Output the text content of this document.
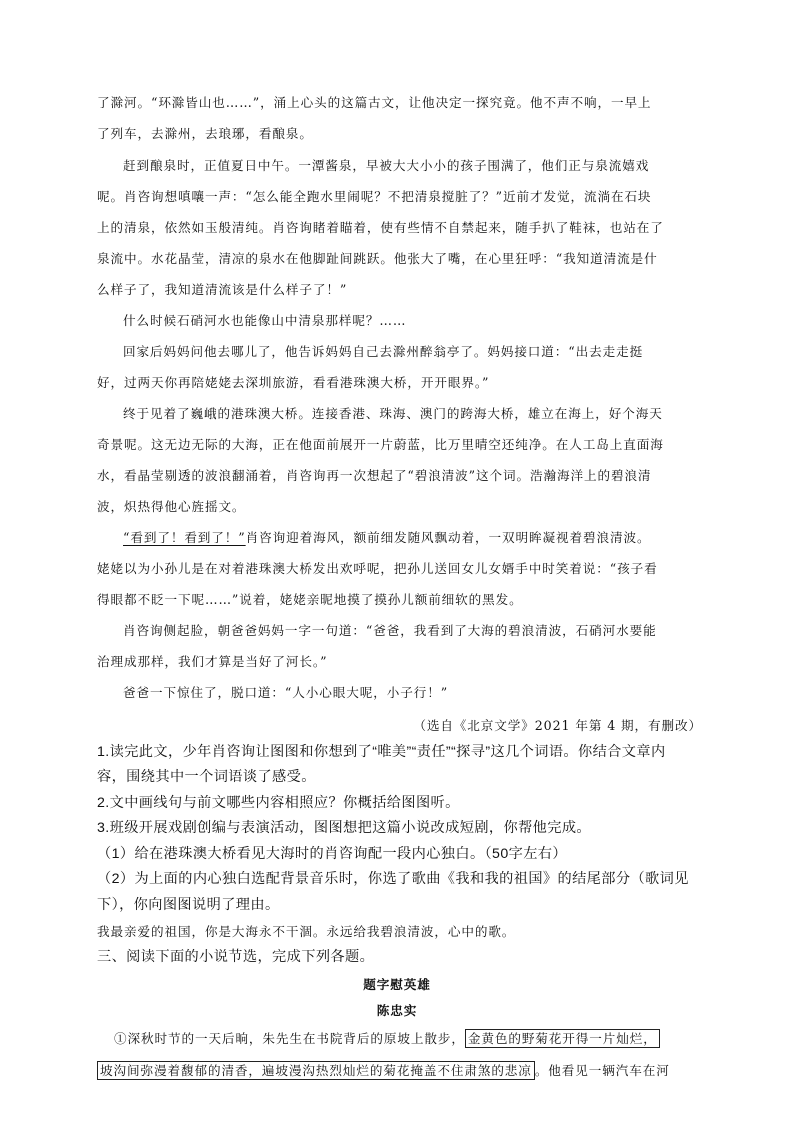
了滁河。“环滁皆山也……”，涌上心头的这篇古文，让他决定一探究竟。他不声不响，一早上
了列车，去滁州，去琅琊，看酿泉。
赶到酿泉时，正值夏日中午。一潭酱泉，早被大大小小的孩子围满了，他们正与泉流嬉戏
呢。肖咨询想嗔嚷一声：“怎么能全跑水里闹呢？不把清泉搅脏了？”近前才发觉，流淌在石块
上的清泉，依然如玉般清纯。肖咨询睹着瞄着，使有些情不自禁起来，随手扒了鞋袜，也站在了
泉流中。水花晶莹，清凉的泉水在他脚趾间跳跃。他张大了嘴，在心里狂呼：“我知道清流是什
么样子了，我知道清流该是什么样子了！”
什么时候石硝河水也能像山中清泉那样呢？……
回家后妈妈问他去哪儿了，他告诉妈妈自己去滁州醉翁亭了。妈妈接口道：“出去走走挺
好，过两天你再陪姥姥去深圳旅游，看看港珠澳大桥，开开眼界。”
终于见着了巍峨的港珠澳大桥。连接香港、珠海、澳门的跨海大桥，雄立在海上，好个海天
奇景呢。这无边无际的大海，正在他面前展开一片蔚蓝，比万里晴空还纯净。在人工岛上直面海
水，看晶莹剔透的波浪翻涌着，肖咨询再一次想起了“碧浪清波”这个词。浩瀚海洋上的碧浪清
波，炽热得他心旌摇文。
“看到了！看到了！”肖咨询迎着海风，额前细发随风飘动着，一双明眸凝视着碧浪清波。
姥姥以为小孙儿是在对着港珠澳大桥发出欢呼呢，把孙儿送回女儿女婿手中时笑着说：“孩子看
得眼都不眨一下呢……”说着，姥姥亲昵地摸了摸孙儿额前细软的黑发。
肖咨询侧起脸，朝爸爸妈妈一字一句道：“爸爸，我看到了大海的碧浪清波，石硝河水要能
治理成那样，我们才算是当好了河长。”
爸爸一下惊住了，脱口道：“人小心眼大呢，小子行！”
（选自《北京文学》2021 年第 4 期，有删改）
1.读完此文，少年肖咨询让图图和你想到了“唯美”“责任”“探寻”这几个词语。你结合文章内
容，围绕其中一个词语谈了感受。
2.文中画线句与前文哪些内容相照应？你概括给图图听。
3.班级开展戏剧创编与表演活动，图图想把这篇小说改成短剧，你帮他完成。
（1）给在港珠澳大桥看见大海时的肖咨询配一段内心独白。（50字左右）
（2）为上面的内心独白选配背景音乐时，你选了歌曲《我和我的祖国》的结尾部分（歌词见
下），你向图图说明了理由。
我最亲爱的祖国，你是大海永不干涸。永远给我碧浪清波，心中的歌。
三、阅读下面的小说节选，完成下列各题。
题字慰英雄
陈忠实
①深秋时节的一天后晌，朱先生在书院背后的原坡上散步， 金黄色的野菊花开得一片灿烂，
坡沟间弥漫着馥郁的清香，遍坡漫沟热烈灿烂的菊花掩盖不住肃煞的悲凉 。他看见一辆汽车在河
